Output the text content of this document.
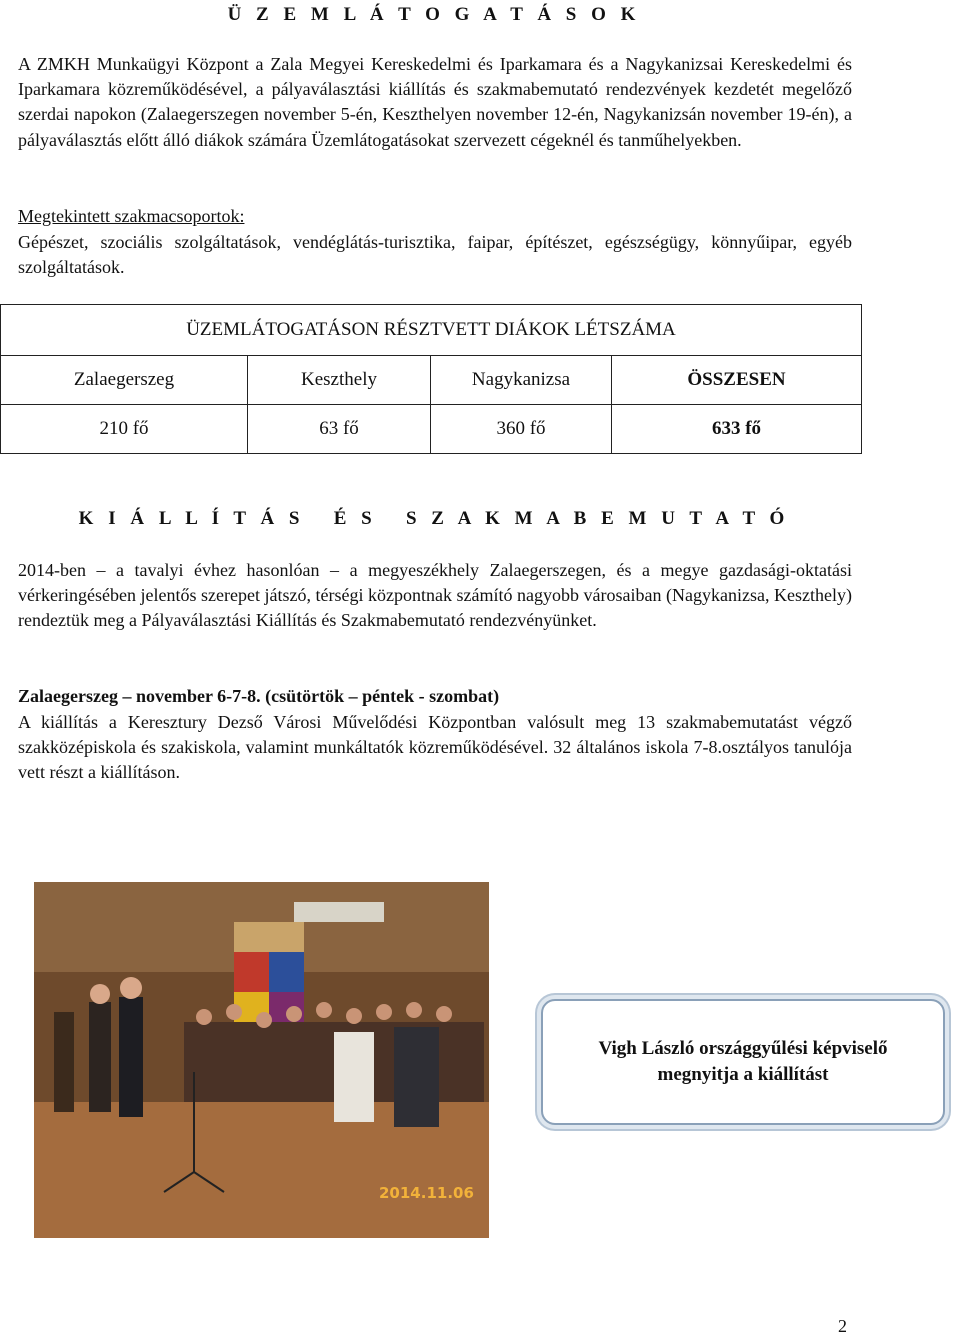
Ü Z E M L Á T O G A T Á S O K
A ZMKH Munkaügyi Központ a Zala Megyei Kereskedelmi és Iparkamara és a Nagykanizsai Kereskedelmi és Iparkamara közreműködésével, a pályaválasztási kiállítás és szakmabemutató rendezvények kezdetét megelőző szerdai napokon (Zalaegerszegen november 5-én, Keszthelyen november 12-én, Nagykanizsán november 19-én), a pályaválasztás előtt álló diákok számára Üzemlátogatásokat szervezett cégeknél és tanműhelyekben.
Megtekintett szakmacsoportok:
Gépészet, szociális szolgáltatások, vendéglátás-turisztika, faipar, építészet, egészségügy, könnyűipar, egyéb szolgáltatások.
ÜZEMLÁTOGATÁSON RÉSZTVETT DIÁKOK LÉTSZÁMA			
Zalaegerszeg	Keszthely	Nagykanizsa	ÖSSZESEN
210 fő	63 fő	360 fő	633 fő
K I Á L L Í T Á S   É S   S Z A K M A B E M U T A T Ó
2014-ben – a tavalyi évhez hasonlóan – a megyeszékhely Zalaegerszegen, és a megye gazdasági-oktatási vérkeringésében jelentős szerepet játszó, térségi központnak számító nagyobb városaiban (Nagykanizsa, Keszthely) rendeztük meg a Pályaválasztási Kiállítás és Szakmabemutató rendezvényünket.
Zalaegerszeg – november 6-7-8. (csütörtök – péntek - szombat)
A kiállítás a Keresztury Dezső Városi Művelődési Központban valósult meg 13 szakmabemutatást végző szakközépiskola és szakiskola, valamint munkáltatók közreműködésével. 32 általános iskola 7-8.osztályos tanulója vett részt a kiállításon.
2014.11.06
Vigh László országgyűlési képviselő
megnyitja a kiállítást
2
